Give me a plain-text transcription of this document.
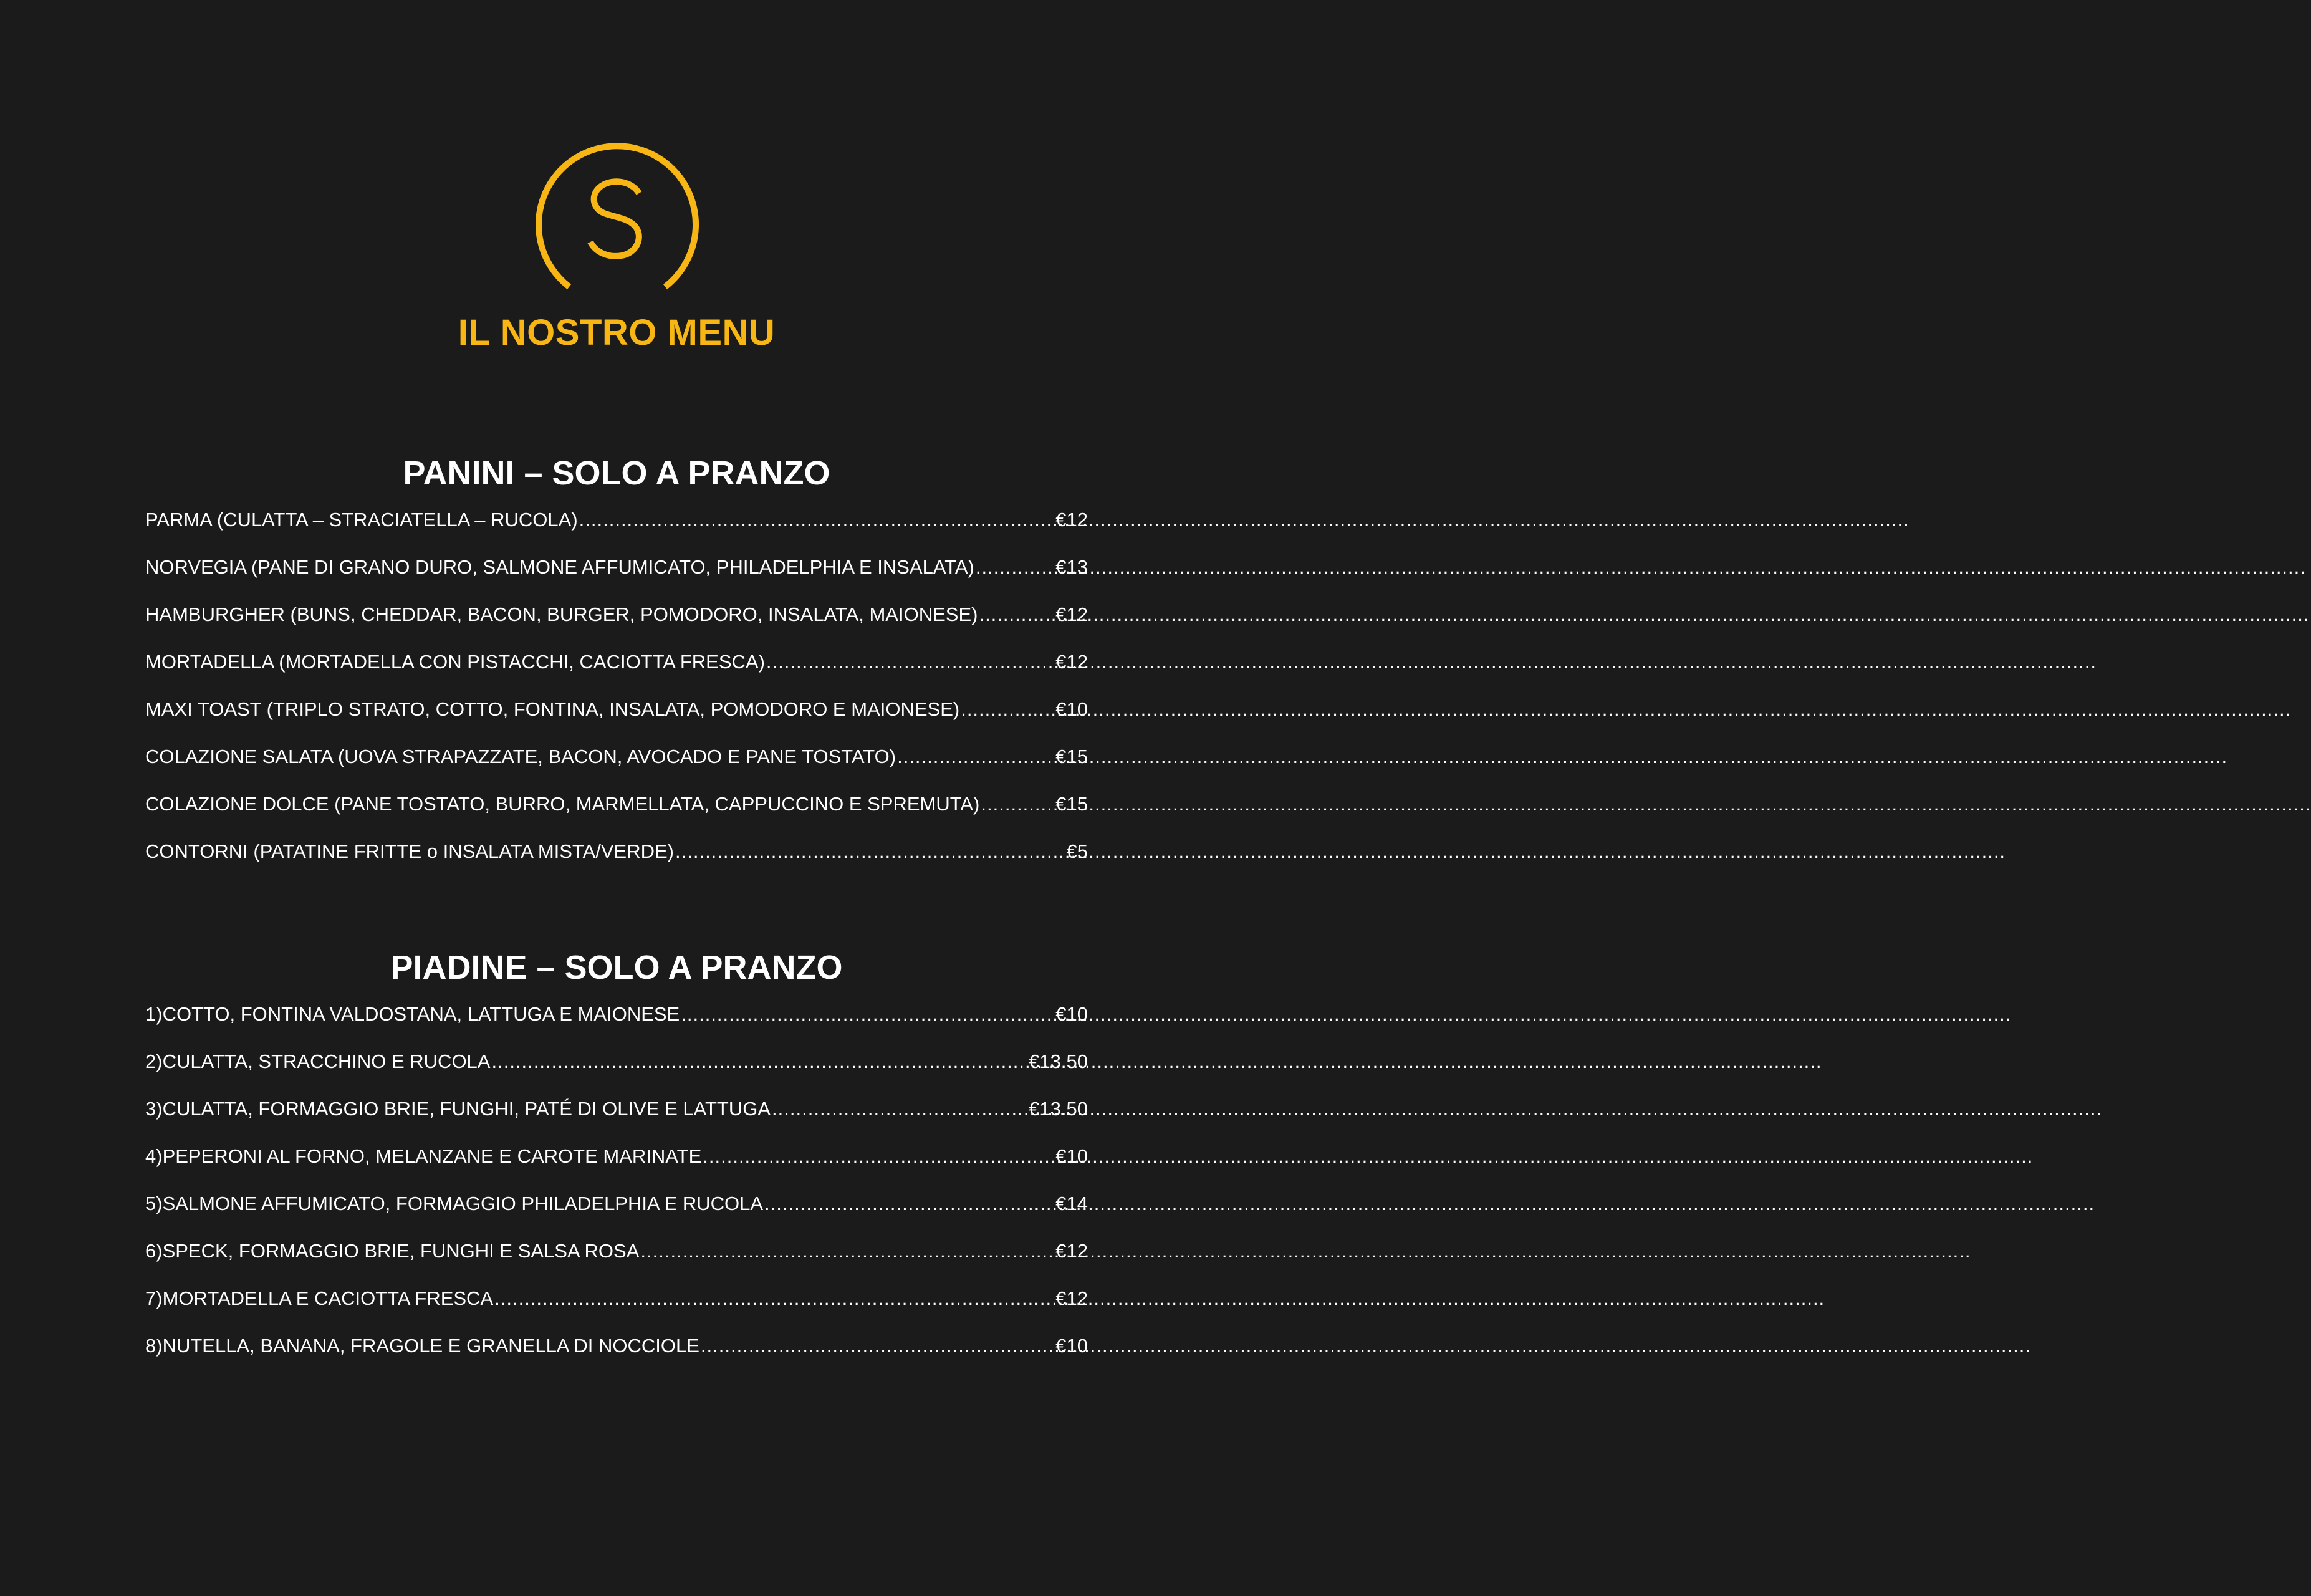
IL NOSTRO MENU
PANINI – SOLO A PRANZO
PARMA (CULATTA – STRACIATELLA – RUCOLA) .....	€12
NORVEGIA (PANE DI GRANO DURO, SALMONE AFFUMICATO, PHILADELPHIA E INSALATA) .....	€13
HAMBURGHER (BUNS, CHEDDAR, BACON, BURGER, POMODORO, INSALATA, MAIONESE) .....	€12
MORTADELLA (MORTADELLA CON PISTACCHI, CACIOTTA FRESCA) .....	€12
MAXI TOAST (TRIPLO STRATO, COTTO, FONTINA, INSALATA, POMODORO E MAIONESE) .....	€10
COLAZIONE SALATA (UOVA STRAPAZZATE, BACON, AVOCADO E PANE TOSTATO) .....	€15
COLAZIONE DOLCE (PANE TOSTATO, BURRO, MARMELLATA, CAPPUCCINO E SPREMUTA) .....	€15
CONTORNI (PATATINE FRITTE o INSALATA MISTA/VERDE) .....	€5
PIADINE – SOLO A PRANZO
1)COTTO, FONTINA VALDOSTANA, LATTUGA E MAIONESE .....	€10
2)CULATTA, STRACCHINO E RUCOLA .....	€13.50
3)CULATTA, FORMAGGIO BRIE, FUNGHI, PATÉ DI OLIVE E LATTUGA .....	€13.50
4)PEPERONI AL FORNO, MELANZANE E CAROTE MARINATE .....	€10
5)SALMONE AFFUMICATO, FORMAGGIO PHILADELPHIA E RUCOLA .....	€14
6)SPECK, FORMAGGIO BRIE, FUNGHI E SALSA ROSA .....	€12
7)MORTADELLA E CACIOTTA FRESCA .....	€12
8)NUTELLA, BANANA, FRAGOLE E GRANELLA DI NOCCIOLE .....	€10
